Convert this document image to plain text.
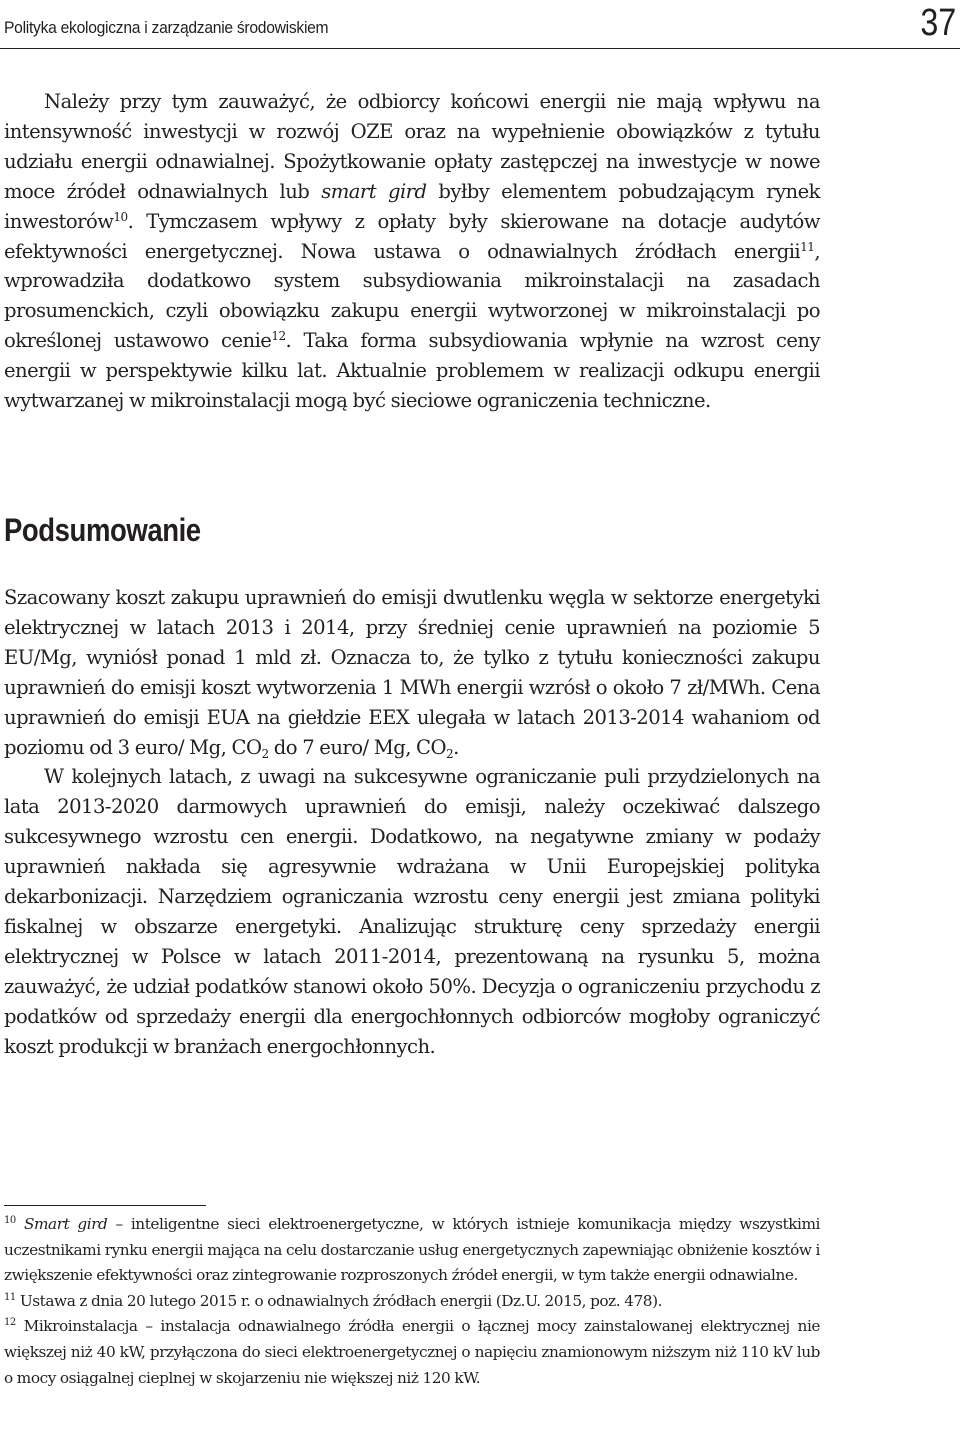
Polityka ekologiczna i zarządzanie środowiskiem	37

Należy przy tym zauważyć, że odbiorcy końcowi energii nie mają wpływu na intensywność inwestycji w rozwój OZE oraz na wypełnienie obowiązków z tytułu udziału energii odnawialnej. Spożytkowanie opłaty zastępczej na inwestycje w nowe moce źródeł odnawialnych lub smart gird byłby elementem pobudzającym rynek inwestorów$^{10}$. Tymczasem wpływy z opłaty były skierowane na dotacje audytów efektywności energetycznej. Nowa ustawa o odnawialnych źródłach energii$^{11}$, wprowadziła dodatkowo system subsydiowania mikroinstalacji na zasadach prosumenckich, czyli obowiązku zakupu energii wytworzonej w mikroinstalacji po określonej ustawowo cenie$^{12}$. Taka forma subsydiowania wpłynie na wzrost ceny energii w perspektywie kilku lat. Aktualnie problemem w realizacji odkupu energii wytwarzanej w mikroinstalacji mogą być sieciowe ograniczenia techniczne.

Podsumowanie

Szacowany koszt zakupu uprawnień do emisji dwutlenku węgla w sektorze energetyki elektrycznej w latach 2013 i 2014, przy średniej cenie uprawnień na poziomie 5 EU/Mg, wyniósł ponad 1 mld zł. Oznacza to, że tylko z tytułu konieczności zakupu uprawnień do emisji koszt wytworzenia 1 MWh energii wzrósł o około 7 zł/MWh. Cena uprawnień do emisji EUA na giełdzie EEX ulegała w latach 2013-2014 wahaniom od poziomu od 3 euro/ Mg, $CO_2$ do 7 euro/ Mg, $CO_2$.

W kolejnych latach, z uwagi na sukcesywne ograniczanie puli przydzielonych na lata 2013-2020 darmowych uprawnień do emisji, należy oczekiwać dalszego sukcesywnego wzrostu cen energii. Dodatkowo, na negatywne zmiany w podaży uprawnień nakłada się agresywnie wdrażana w Unii Europejskiej polityka dekarbonizacji. Narzędziem ograniczania wzrostu ceny energii jest zmiana polityki fiskalnej w obszarze energetyki. Analizując strukturę ceny sprzedaży energii elektrycznej w Polsce w latach 2011-2014, prezentowaną na rysunku 5, można zauważyć, że udział podatków stanowi około 50%. Decyzja o ograniczeniu przychodu z podatków od sprzedaży energii dla energochłonnych odbiorców mogłoby ograniczyć koszt produkcji w branżach energochłonnych.

$^{10}$ Smart gird – inteligentne sieci elektroenergetyczne, w których istnieje komunikacja między wszystkimi uczestnikami rynku energii mająca na celu dostarczanie usług energetycznych zapewniając obniżenie kosztów i zwiększenie efektywności oraz zintegrowanie rozproszonych źródeł energii, w tym także energii odnawialne.

$^{11}$ Ustawa z dnia 20 lutego 2015 r. o odnawialnych źródłach energii (Dz.U. 2015, poz. 478).

$^{12}$ Mikroinstalacja – instalacja odnawialnego źródła energii o łącznej mocy zainstalowanej elektrycznej nie większej niż 40 kW, przyłączona do sieci elektroenergetycznej o napięciu znamionowym niższym niż 110 kV lub o mocy osiągalnej cieplnej w skojarzeniu nie większej niż 120 kW.
